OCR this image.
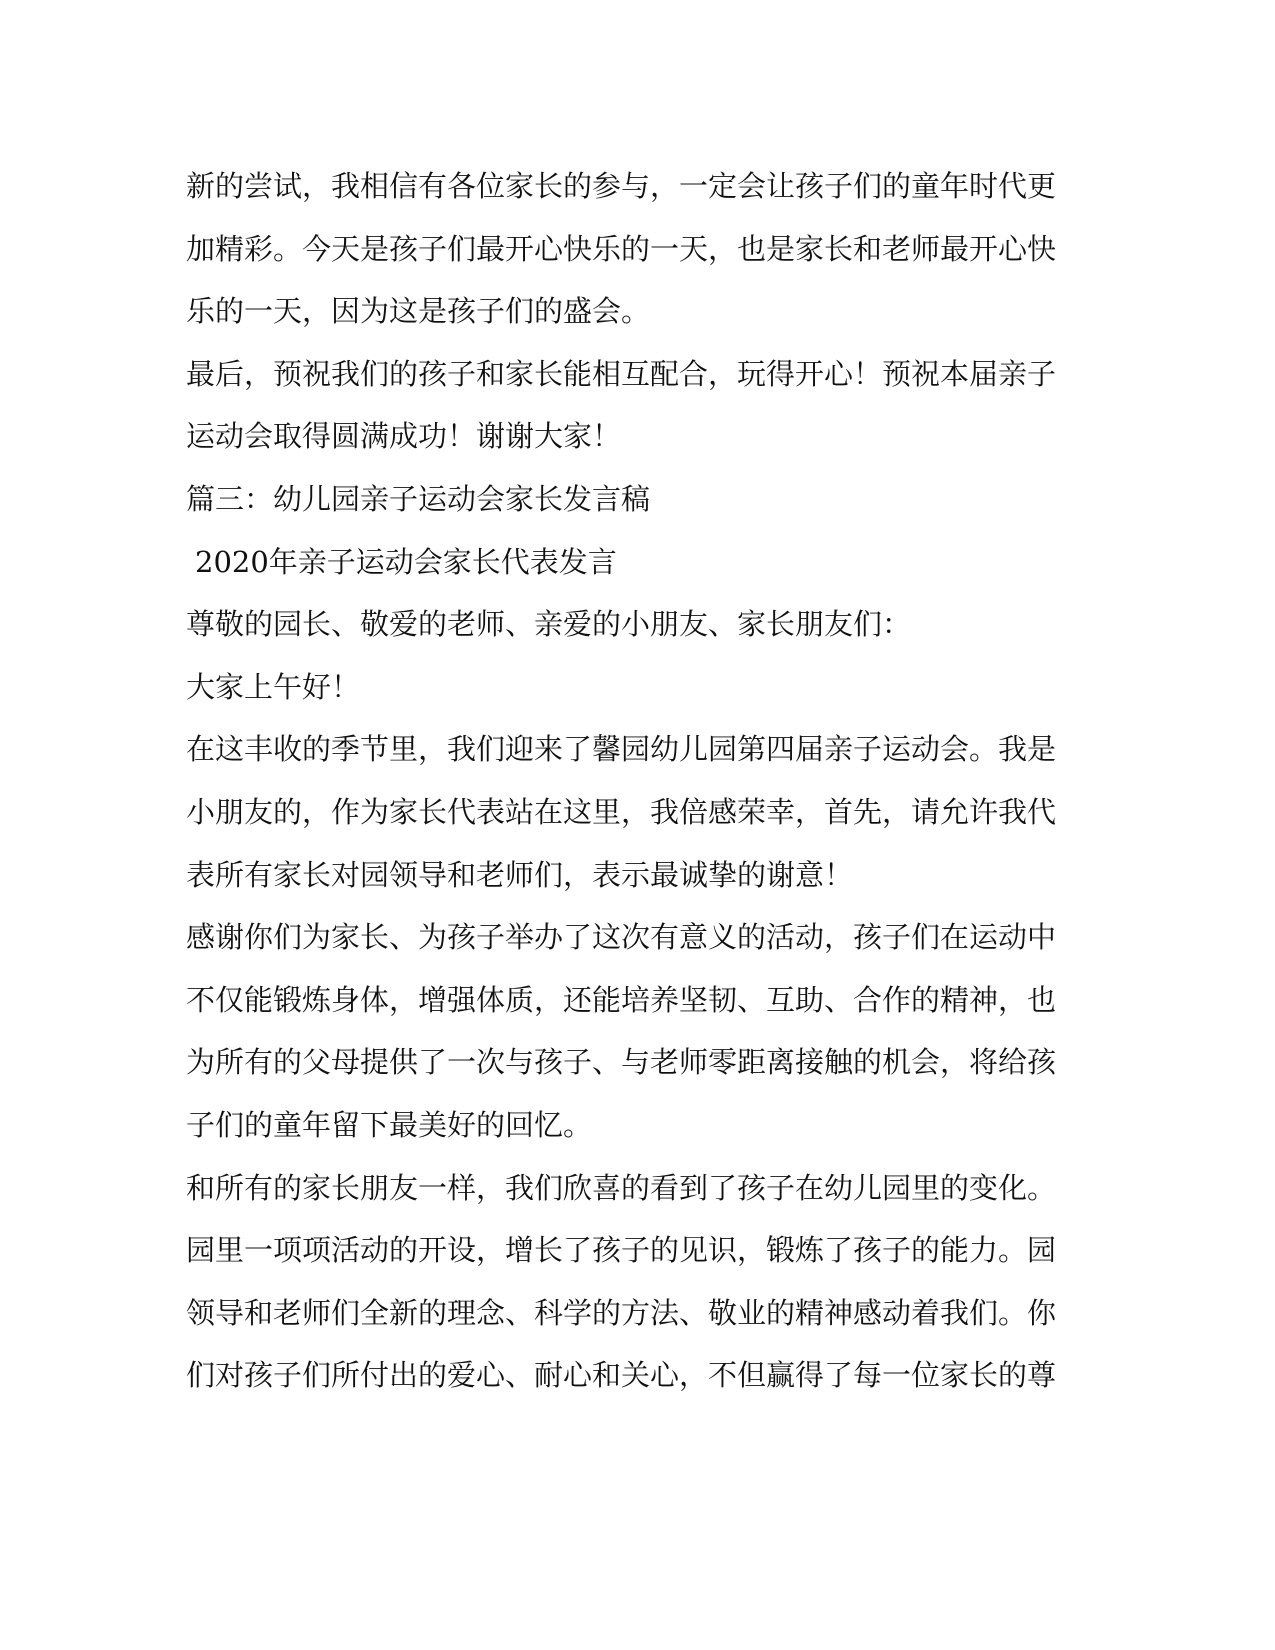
新的尝试，我相信有各位家长的参与，一定会让孩子们的童年时代更
加精彩。今天是孩子们最开心快乐的一天，也是家长和老师最开心快
乐的一天，因为这是孩子们的盛会。
最后，预祝我们的孩子和家长能相互配合，玩得开心！预祝本届亲子
运动会取得圆满成功！谢谢大家！
篇三：幼儿园亲子运动会家长发言稿
2020年亲子运动会家长代表发言
尊敬的园长、敬爱的老师、亲爱的小朋友、家长朋友们：
大家上午好！
在这丰收的季节里，我们迎来了馨园幼儿园第四届亲子运动会。我是
小朋友的，作为家长代表站在这里，我倍感荣幸，首先，请允许我代
表所有家长对园领导和老师们，表示最诚挚的谢意！
感谢你们为家长、为孩子举办了这次有意义的活动，孩子们在运动中
不仅能锻炼身体，增强体质，还能培养坚韧、互助、合作的精神，也
为所有的父母提供了一次与孩子、与老师零距离接触的机会，将给孩
子们的童年留下最美好的回忆。
和所有的家长朋友一样，我们欣喜的看到了孩子在幼儿园里的变化。
园里一项项活动的开设，增长了孩子的见识，锻炼了孩子的能力。园
领导和老师们全新的理念、科学的方法、敬业的精神感动着我们。你
们对孩子们所付出的爱心、耐心和关心，不但赢得了每一位家长的尊
